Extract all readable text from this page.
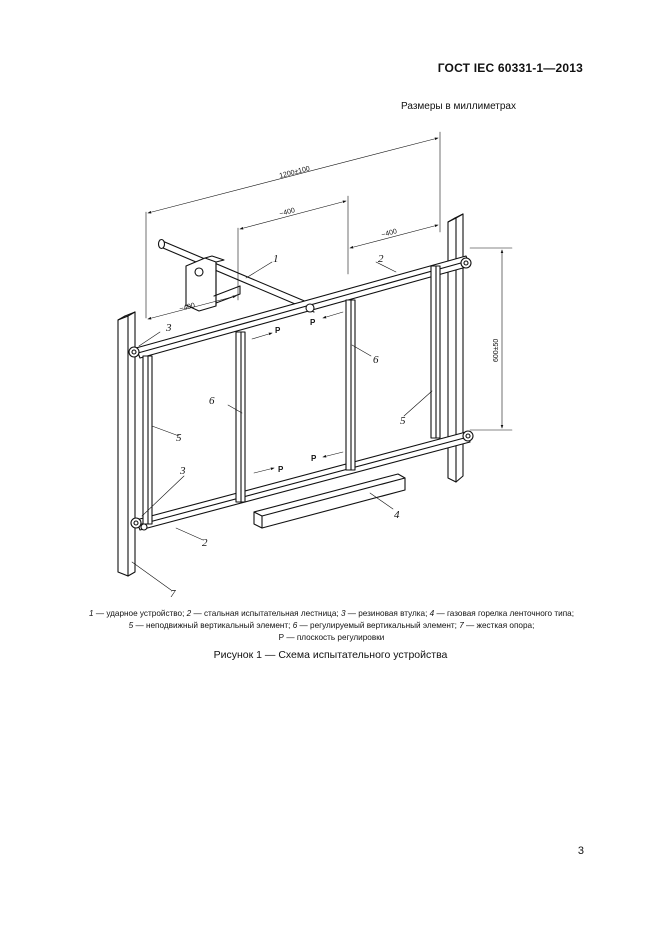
ГОСТ IEC 60331-1—2013
Размеры в миллиметрах
1200±100
~400
~400
~400
600±50
P
P
P
P
1	2
3
6
6
5
5
3
2
4
7
1 — ударное устройство; 2 — стальная испытательная лестница; 3 — резиновая втулка; 4 — газовая горелка ленточного типа;
5 — неподвижный вертикальный элемент; 6 — регулируемый вертикальный элемент; 7 — жесткая опора;
Р — плоскость регулировки
Рисунок 1 — Схема испытательного устройства
3
